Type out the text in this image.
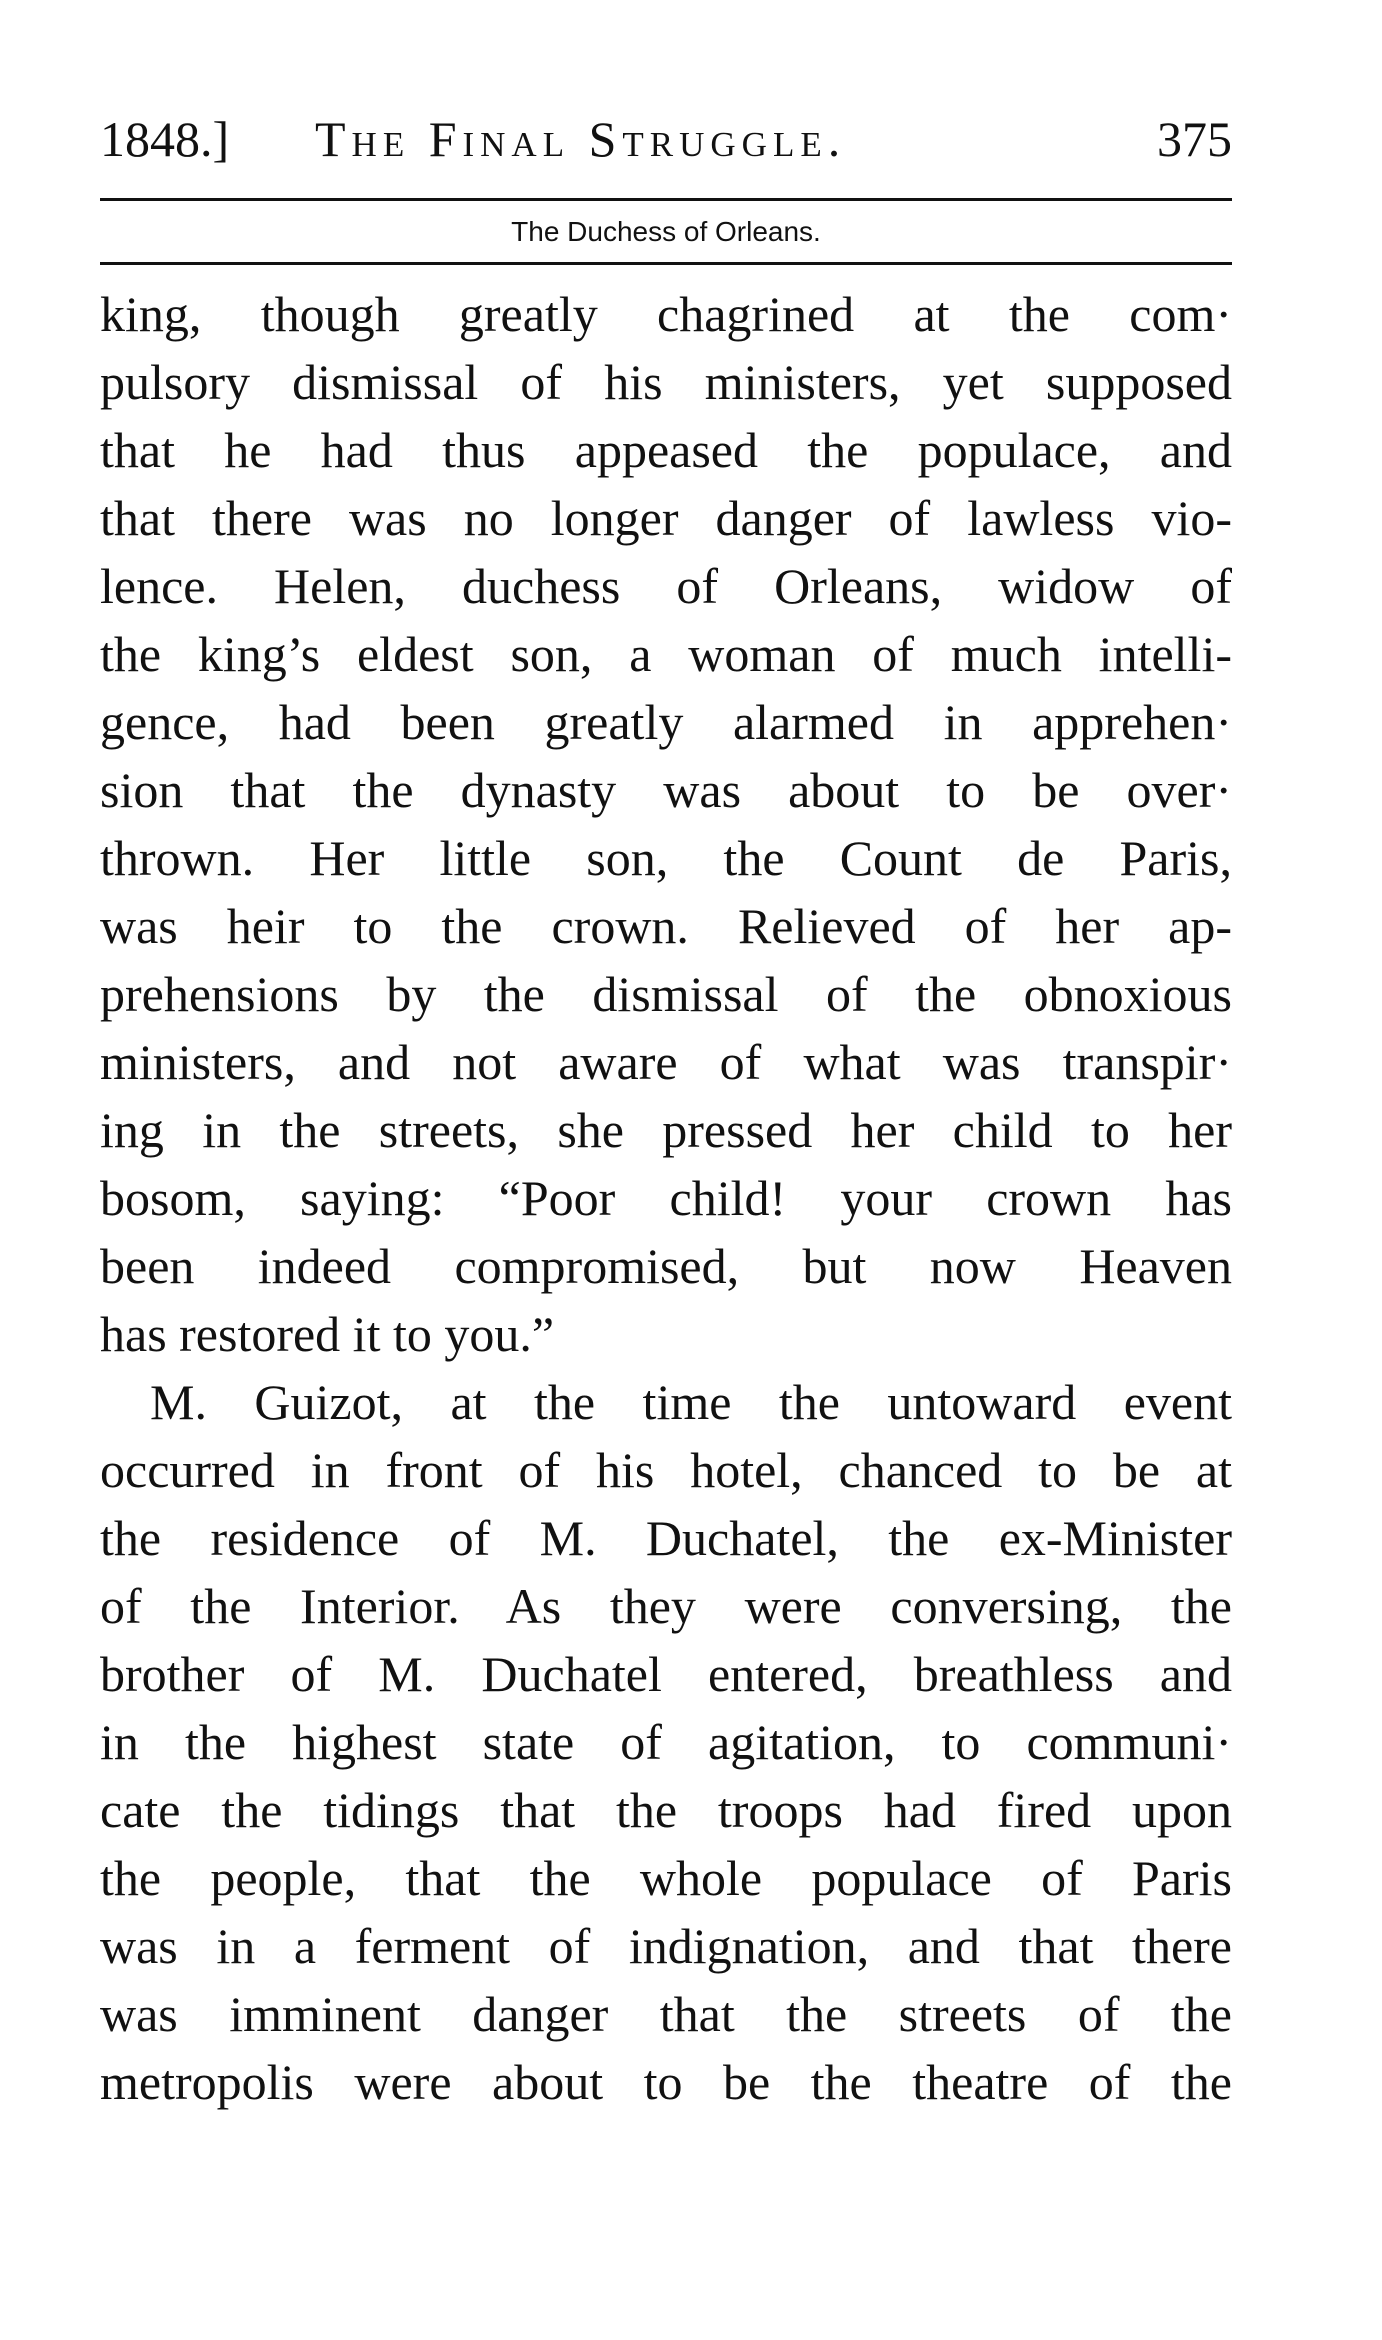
1848.] The Final Struggle.	375
The Duchess of Orleans.
king, though greatly chagrined at the com·
pulsory dismissal of his ministers, yet supposed
that he had thus appeased the populace, and
that there was no longer danger of lawless vio-
lence. Helen, duchess of Orleans, widow of
the king’s eldest son, a woman of much intelli-
gence, had been greatly alarmed in apprehen·
sion that the dynasty was about to be over·
thrown. Her little son, the Count de Paris,
was heir to the crown. Relieved of her ap-
prehensions by the dismissal of the obnoxious
ministers, and not aware of what was transpir·
ing in the streets, she pressed her child to her
bosom, saying: “Poor child! your crown has
been indeed compromised, but now Heaven
has restored it to you.”
M. Guizot, at the time the untoward event
occurred in front of his hotel, chanced to be at
the residence of M. Duchatel, the ex-Minister
of the Interior. As they were conversing, the
brother of M. Duchatel entered, breathless and
in the highest state of agitation, to communi·
cate the tidings that the troops had fired upon
the people, that the whole populace of Paris
was in a ferment of indignation, and that there
was imminent danger that the streets of the
metropolis were about to be the theatre of the
